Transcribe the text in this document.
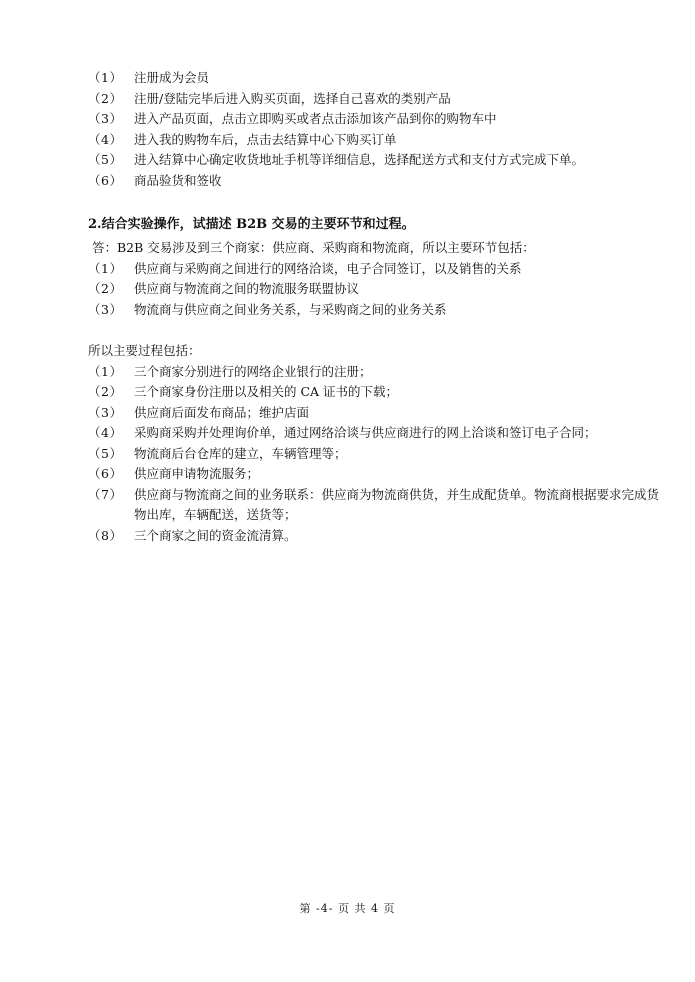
（1） 注册成为会员
（2） 注册/登陆完毕后进入购买页面，选择自己喜欢的类别产品
（3） 进入产品页面，点击立即购买或者点击添加该产品到你的购物车中
（4） 进入我的购物车后，点击去结算中心下购买订单
（5） 进入结算中心确定收货地址手机等详细信息，选择配送方式和支付方式完成下单。
（6） 商品验货和签收
2.结合实验操作，试描述 B2B 交易的主要环节和过程。
答：B2B 交易涉及到三个商家：供应商、采购商和物流商，所以主要环节包括：
（1） 供应商与采购商之间进行的网络洽谈，电子合同签订，以及销售的关系
（2） 供应商与物流商之间的物流服务联盟协议
（3） 物流商与供应商之间业务关系，与采购商之间的业务关系
所以主要过程包括：
（1） 三个商家分别进行的网络企业银行的注册；
（2） 三个商家身份注册以及相关的 CA 证书的下载；
（3） 供应商后面发布商品；维护店面
（4） 采购商采购并处理询价单，通过网络洽谈与供应商进行的网上洽谈和签订电子合同；
（5） 物流商后台仓库的建立，车辆管理等；
（6） 供应商申请物流服务；
（7） 供应商与物流商之间的业务联系：供应商为物流商供货，并生成配货单。物流商根据要求完成货物出库，车辆配送，送货等；
（8） 三个商家之间的资金流清算。
第 -4- 页 共 4 页
